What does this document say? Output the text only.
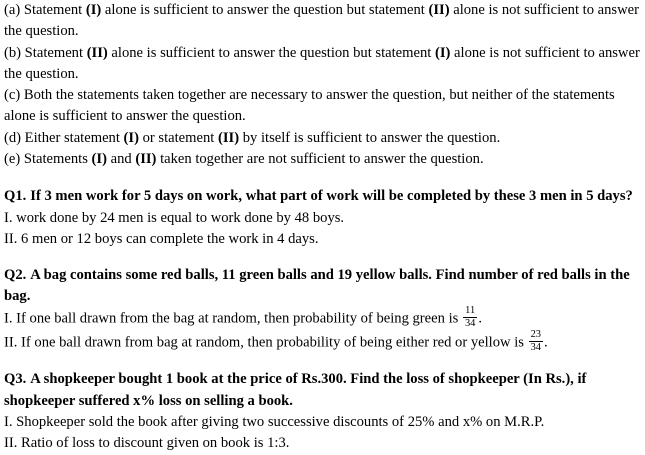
(a) Statement (I) alone is sufficient to answer the question but statement (II) alone is not sufficient to answer the question.
(b) Statement (II) alone is sufficient to answer the question but statement (I) alone is not sufficient to answer the question.
(c) Both the statements taken together are necessary to answer the question, but neither of the statements alone is sufficient to answer the question.
(d) Either statement (I) or statement (II) by itself is sufficient to answer the question.
(e) Statements (I) and (II) taken together are not sufficient to answer the question.
Q1. If 3 men work for 5 days on work, what part of work will be completed by these 3 men in 5 days?
I. work done by 24 men is equal to work done by 48 boys.
II. 6 men or 12 boys can complete the work in 4 days.
Q2. A bag contains some red balls, 11 green balls and 19 yellow balls. Find number of red balls in the bag.
I. If one ball drawn from the bag at random, then probability of being green is $\frac{11}{34}$ .
II. If one ball drawn from bag at random, then probability of being either red or yellow is $\frac{23}{34}$ .
Q3. A shopkeeper bought 1 book at the price of Rs.300. Find the loss of shopkeeper (In Rs.), if shopkeeper suffered x% loss on selling a book.
I. Shopkeeper sold the book after giving two successive discounts of 25% and x% on M.R.P.
II. Ratio of loss to discount given on book is 1:3.
